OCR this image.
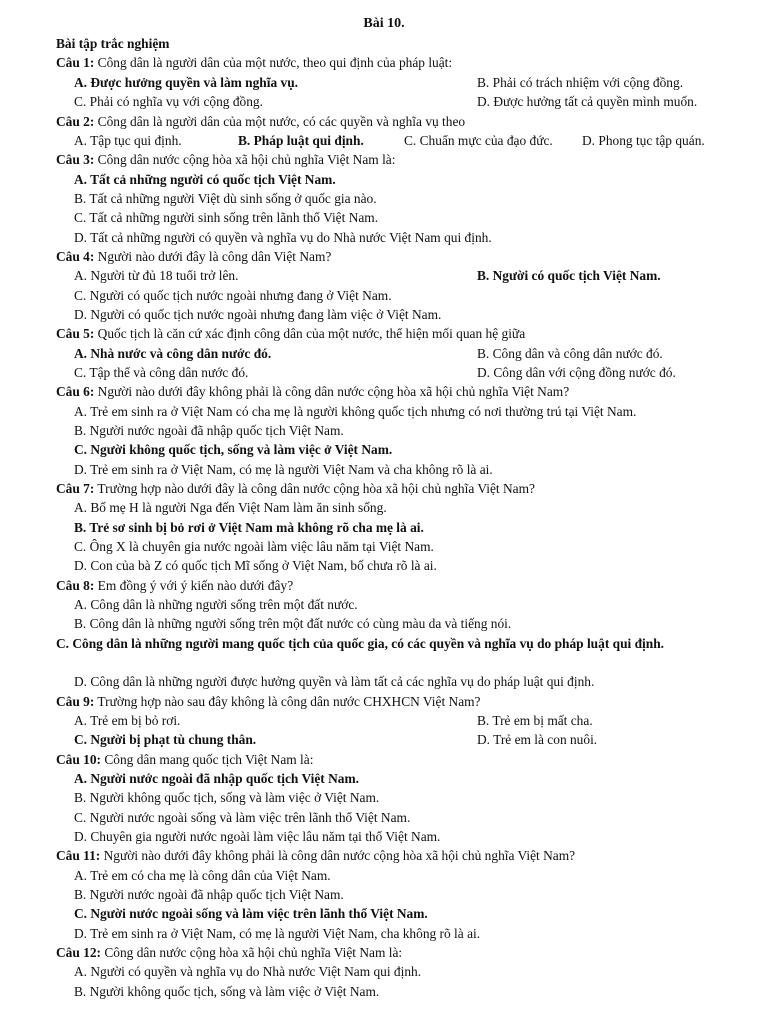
Bài 10.
Bài tập trắc nghiệm
Câu 1: Công dân là người dân của một nước, theo qui định của pháp luật:
A. Được hưởng quyền và làm nghĩa vụ.	B. Phải có trách nhiệm với cộng đồng.
C. Phải có nghĩa vụ với cộng đồng.	D. Được hưởng tất cả quyền mình muốn.
Câu 2: Công dân là người dân của một nước, có các quyền và nghĩa vụ theo
A. Tập tục qui định.	B. Pháp luật qui định.	C. Chuẩn mực của đạo đức. D. Phong tục tập quán.
Câu 3: Công dân nước cộng hòa xã hội chủ nghĩa Việt Nam là:
A. Tất cả những người có quốc tịch Việt Nam.
B. Tất cả những người Việt dù sinh sống ở quốc gia nào.
C. Tất cả những người sinh sống trên lãnh thổ Việt Nam.
D. Tất cả những người có quyền và nghĩa vụ do Nhà nước Việt Nam qui định.
Câu 4: Người nào dưới đây là công dân Việt Nam?
A. Người từ đủ 18 tuổi trở lên.	B. Người có quốc tịch Việt Nam.
C. Người có quốc tịch nước ngoài nhưng đang ở Việt Nam.
D. Người có quốc tịch nước ngoài nhưng đang làm việc ở Việt Nam.
Câu 5: Quốc tịch là căn cứ xác định công dân của một nước, thể hiện mối quan hệ giữa
A. Nhà nước và công dân nước đó.	B. Công dân và công dân nước đó.
C. Tập thể và công dân nước đó.	D. Công dân với cộng đồng nước đó.
Câu 6: Người nào dưới đây không phải là công dân nước cộng hòa xã hội chủ nghĩa Việt Nam?
A. Trẻ em sinh ra ở Việt Nam có cha mẹ là người không quốc tịch nhưng có nơi thường trú tại Việt Nam.
B. Người nước ngoài đã nhập quốc tịch Việt Nam.
C. Người không quốc tịch, sống và làm việc ở Việt Nam.
D. Trẻ em sinh ra ở Việt Nam, có mẹ là người Việt Nam và cha không rõ là ai.
Câu 7: Trường hợp nào dưới đây là công dân nước cộng hòa xã hội chủ nghĩa Việt Nam?
A. Bố mẹ H là người Nga đến Việt Nam làm ăn sinh sống.
B. Trẻ sơ sinh bị bỏ rơi ở Việt Nam mà không rõ cha mẹ là ai.
C. Ông X là chuyên gia nước ngoài làm việc lâu năm tại Việt Nam.
D. Con của bà Z có quốc tịch Mĩ sống ở Việt Nam, bố chưa rõ là ai.
Câu 8: Em đồng ý với ý kiến nào dưới đây?
A. Công dân là những người sống trên một đất nước.
B. Công dân là những người sống trên một đất nước có cùng màu da và tiếng nói.
C. Công dân là những người mang quốc tịch của quốc gia, có các quyền và nghĩa vụ do pháp luật qui định.
D. Công dân là những người được hưởng quyền và làm tất cả các nghĩa vụ do pháp luật qui định.
Câu 9: Trường hợp nào sau đây không là công dân nước CHXHCN Việt Nam?
A. Trẻ em bị bỏ rơi.	B. Trẻ em bị mất cha.
C. Người bị phạt tù chung thân.	D. Trẻ em là con nuôi.
Câu 10: Công dân mang quốc tịch Việt Nam là:
A. Người nước ngoài đã nhập quốc tịch Việt Nam.
B. Người không quốc tịch, sống và làm việc ở Việt Nam.
C. Người nước ngoài sống và làm việc trên lãnh thổ Việt Nam.
D. Chuyên gia người nước ngoài làm việc lâu năm tại thổ Việt Nam.
Câu 11: Người nào dưới đây không phải là công dân nước cộng hòa xã hội chủ nghĩa Việt Nam?
A. Trẻ em có cha mẹ là công dân của Việt Nam.
B. Người nước ngoài đã nhập quốc tịch Việt Nam.
C. Người nước ngoài sống và làm việc trên lãnh thổ Việt Nam.
D. Trẻ em sinh ra ở Việt Nam, có mẹ là người Việt Nam, cha không rõ là ai.
Câu 12: Công dân nước cộng hòa xã hội chủ nghĩa Việt Nam là:
A. Người có quyền và nghĩa vụ do Nhà nước Việt Nam qui định.
B. Người không quốc tịch, sống và làm việc ở Việt Nam.
